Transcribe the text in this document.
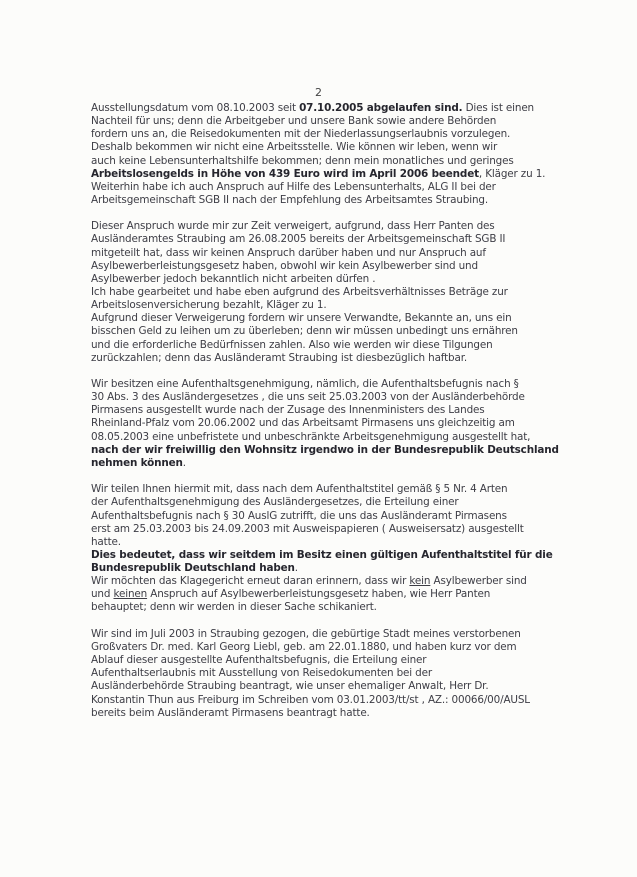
2
Ausstellungsdatum vom 08.10.2003 seit 07.10.2005 abgelaufen sind. Dies ist einen
Nachteil für uns; denn die Arbeitgeber und unsere Bank sowie andere Behörden
fordern uns an, die Reisedokumenten mit der Niederlassungserlaubnis vorzulegen.
Deshalb bekommen wir nicht eine Arbeitsstelle. Wie können wir leben, wenn wir
auch keine Lebensunterhaltshilfe bekommen; denn mein monatliches und geringes
Arbeitslosengelds in Höhe von 439 Euro wird im April 2006 beendet, Kläger zu 1.
Weiterhin habe ich auch Anspruch auf Hilfe des Lebensunterhalts, ALG II bei der
Arbeitsgemeinschaft SGB II nach der Empfehlung des Arbeitsamtes Straubing.
Dieser Anspruch wurde mir zur Zeit verweigert, aufgrund, dass Herr Panten des
Ausländeramtes Straubing am 26.08.2005 bereits der Arbeitsgemeinschaft SGB II
mitgeteilt hat, dass wir keinen Anspruch darüber haben und nur Anspruch auf
Asylbewerberleistungsgesetz haben, obwohl wir kein Asylbewerber sind und
Asylbewerber jedoch bekanntlich nicht arbeiten dürfen .
Ich habe gearbeitet und habe eben aufgrund des Arbeitsverhältnisses Beträge zur
Arbeitslosenversicherung bezahlt, Kläger zu 1.
Aufgrund dieser Verweigerung fordern wir unsere Verwandte, Bekannte an, uns ein
bisschen Geld zu leihen um zu überleben; denn wir müssen unbedingt uns ernähren
und die erforderliche Bedürfnissen zahlen. Also wie werden wir diese Tilgungen
zurückzahlen; denn das Ausländeramt Straubing ist diesbezüglich haftbar.
Wir besitzen eine Aufenthaltsgenehmigung, nämlich, die Aufenthaltsbefugnis nach §
30 Abs. 3 des Ausländergesetzes , die uns seit 25.03.2003 von der Ausländerbehörde
Pirmasens ausgestellt wurde nach der Zusage des Innenministers des Landes
Rheinland-Pfalz vom 20.06.2002 und das Arbeitsamt Pirmasens uns gleichzeitig am
08.05.2003 eine unbefristete und unbeschränkte Arbeitsgenehmigung ausgestellt hat,
nach der wir freiwillig den Wohnsitz irgendwo in der Bundesrepublik Deutschland
nehmen können.
Wir teilen Ihnen hiermit mit, dass nach dem Aufenthaltstitel gemäß § 5 Nr. 4 Arten
der Aufenthaltsgenehmigung des Ausländergesetzes, die Erteilung einer
Aufenthaltsbefugnis nach § 30 AuslG zutrifft, die uns das Ausländeramt Pirmasens
erst am 25.03.2003 bis 24.09.2003 mit Ausweispapieren ( Ausweisersatz) ausgestellt
hatte.
Dies bedeutet, dass wir seitdem im Besitz einen gültigen Aufenthaltstitel für die
Bundesrepublik Deutschland haben.
Wir möchten das Klagegericht erneut daran erinnern, dass wir kein Asylbewerber sind
und keinen Anspruch auf Asylbewerberleistungsgesetz haben, wie Herr Panten
behauptet; denn wir werden in dieser Sache schikaniert.
Wir sind im Juli 2003 in Straubing gezogen, die gebürtige Stadt meines verstorbenen
Großvaters Dr. med. Karl Georg Liebl, geb. am 22.01.1880, und haben kurz vor dem
Ablauf dieser ausgestellte Aufenthaltsbefugnis, die Erteilung einer
Aufenthaltserlaubnis mit Ausstellung von Reisedokumenten bei der
Ausländerbehörde Straubing beantragt, wie unser ehemaliger Anwalt, Herr Dr.
Konstantin Thun aus Freiburg im Schreiben vom 03.01.2003/tt/st , AZ.: 00066/00/AUSL
bereits beim Ausländeramt Pirmasens beantragt hatte.
